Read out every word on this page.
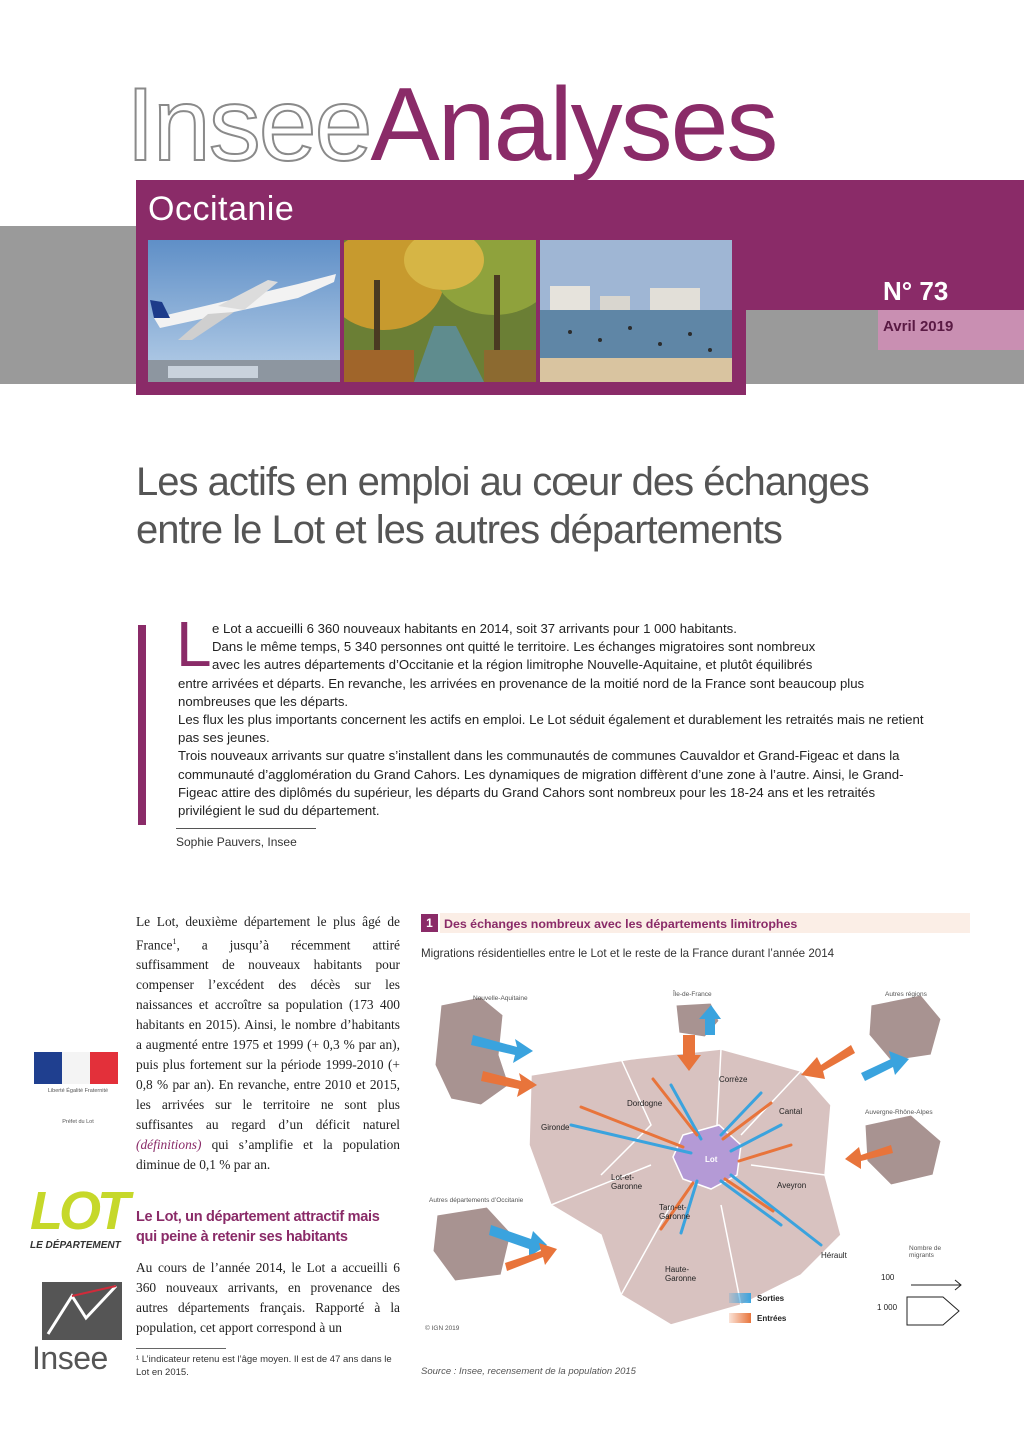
InseeAnalyses
Occitanie
N° 73
Avril 2019
Les actifs en emploi au cœur des échanges
entre le Lot et les autres départements
L e Lot a accueilli 6 360 nouveaux habitants en 2014, soit 37 arrivants pour 1 000 habitants.

Dans le même temps, 5 340 personnes ont quitté le territoire. Les échanges migratoires sont nombreux

avec les autres départements d’Occitanie et la région limitrophe Nouvelle-Aquitaine, et plutôt équilibrés

entre arrivées et départs. En revanche, les arrivées en provenance de la moitié nord de la France sont beaucoup plus nombreuses que les départs.

Les flux les plus importants concernent les actifs en emploi. Le Lot séduit également et durablement les retraités mais ne retient pas ses jeunes.

Trois nouveaux arrivants sur quatre s’installent dans les communautés de communes Cauvaldor et Grand-Figeac et dans la communauté d’agglomération du Grand Cahors. Les dynamiques de migration diffèrent d’une zone à l’autre. Ainsi, le Grand-Figeac attire des diplômés du supérieur, les départs du Grand Cahors sont nombreux pour les 18-24 ans et les retraités privilégient le sud du département.

Sophie Pauvers, Insee

Le Lot, deuxième département le plus âgé de France$^1$, a jusqu’à récemment attiré suffisamment de nouveaux habitants pour compenser l’excédent des décès sur les naissances et accroître sa population (173 400 habitants en 2015). Ainsi, le nombre d’habitants a augmenté entre 1975 et 1999 (+ 0,3 % par an), puis plus fortement sur la période 1999-2010 (+ 0,8 % par an). En revanche, entre 2010 et 2015, les arrivées sur le territoire ne sont plus suffisantes au regard d’un déficit naturel (définitions) qui s’amplifie et la population diminue de 0,1 % par an.

Le Lot, un département attractif mais qui peine à retenir ses habitants

Au cours de l’année 2014, le Lot a accueilli 6 360 nouveaux arrivants, en provenance des autres départements français. Rapporté à la population, cet apport correspond à un

¹ L’indicateur retenu est l’âge moyen. Il est de 47 ans dans le Lot en 2015.
Liberté Égalité Fraternité
Préfet du Lot
LOT
LE DÉPARTEMENT
Insee
1 Des échanges nombreux avec les départements limitrophes
Migrations résidentielles entre le Lot et le reste de la France durant l’année 2014
Nouvelle-Aquitaine
Île-de-France	Autres régions
Auvergne-Rhône-Alpes
Autres départements d’Occitanie
Corrèze
Dordogne
Cantal
Gironde
Lot
Lot-et-Garonne	Aveyron
Tarn-et-Garonne
Haute-Garonne
Hérault
Nombre de migrants
100
1 000
Sorties
Entrées
© IGN 2019
Source : Insee, recensement de la population 2015
